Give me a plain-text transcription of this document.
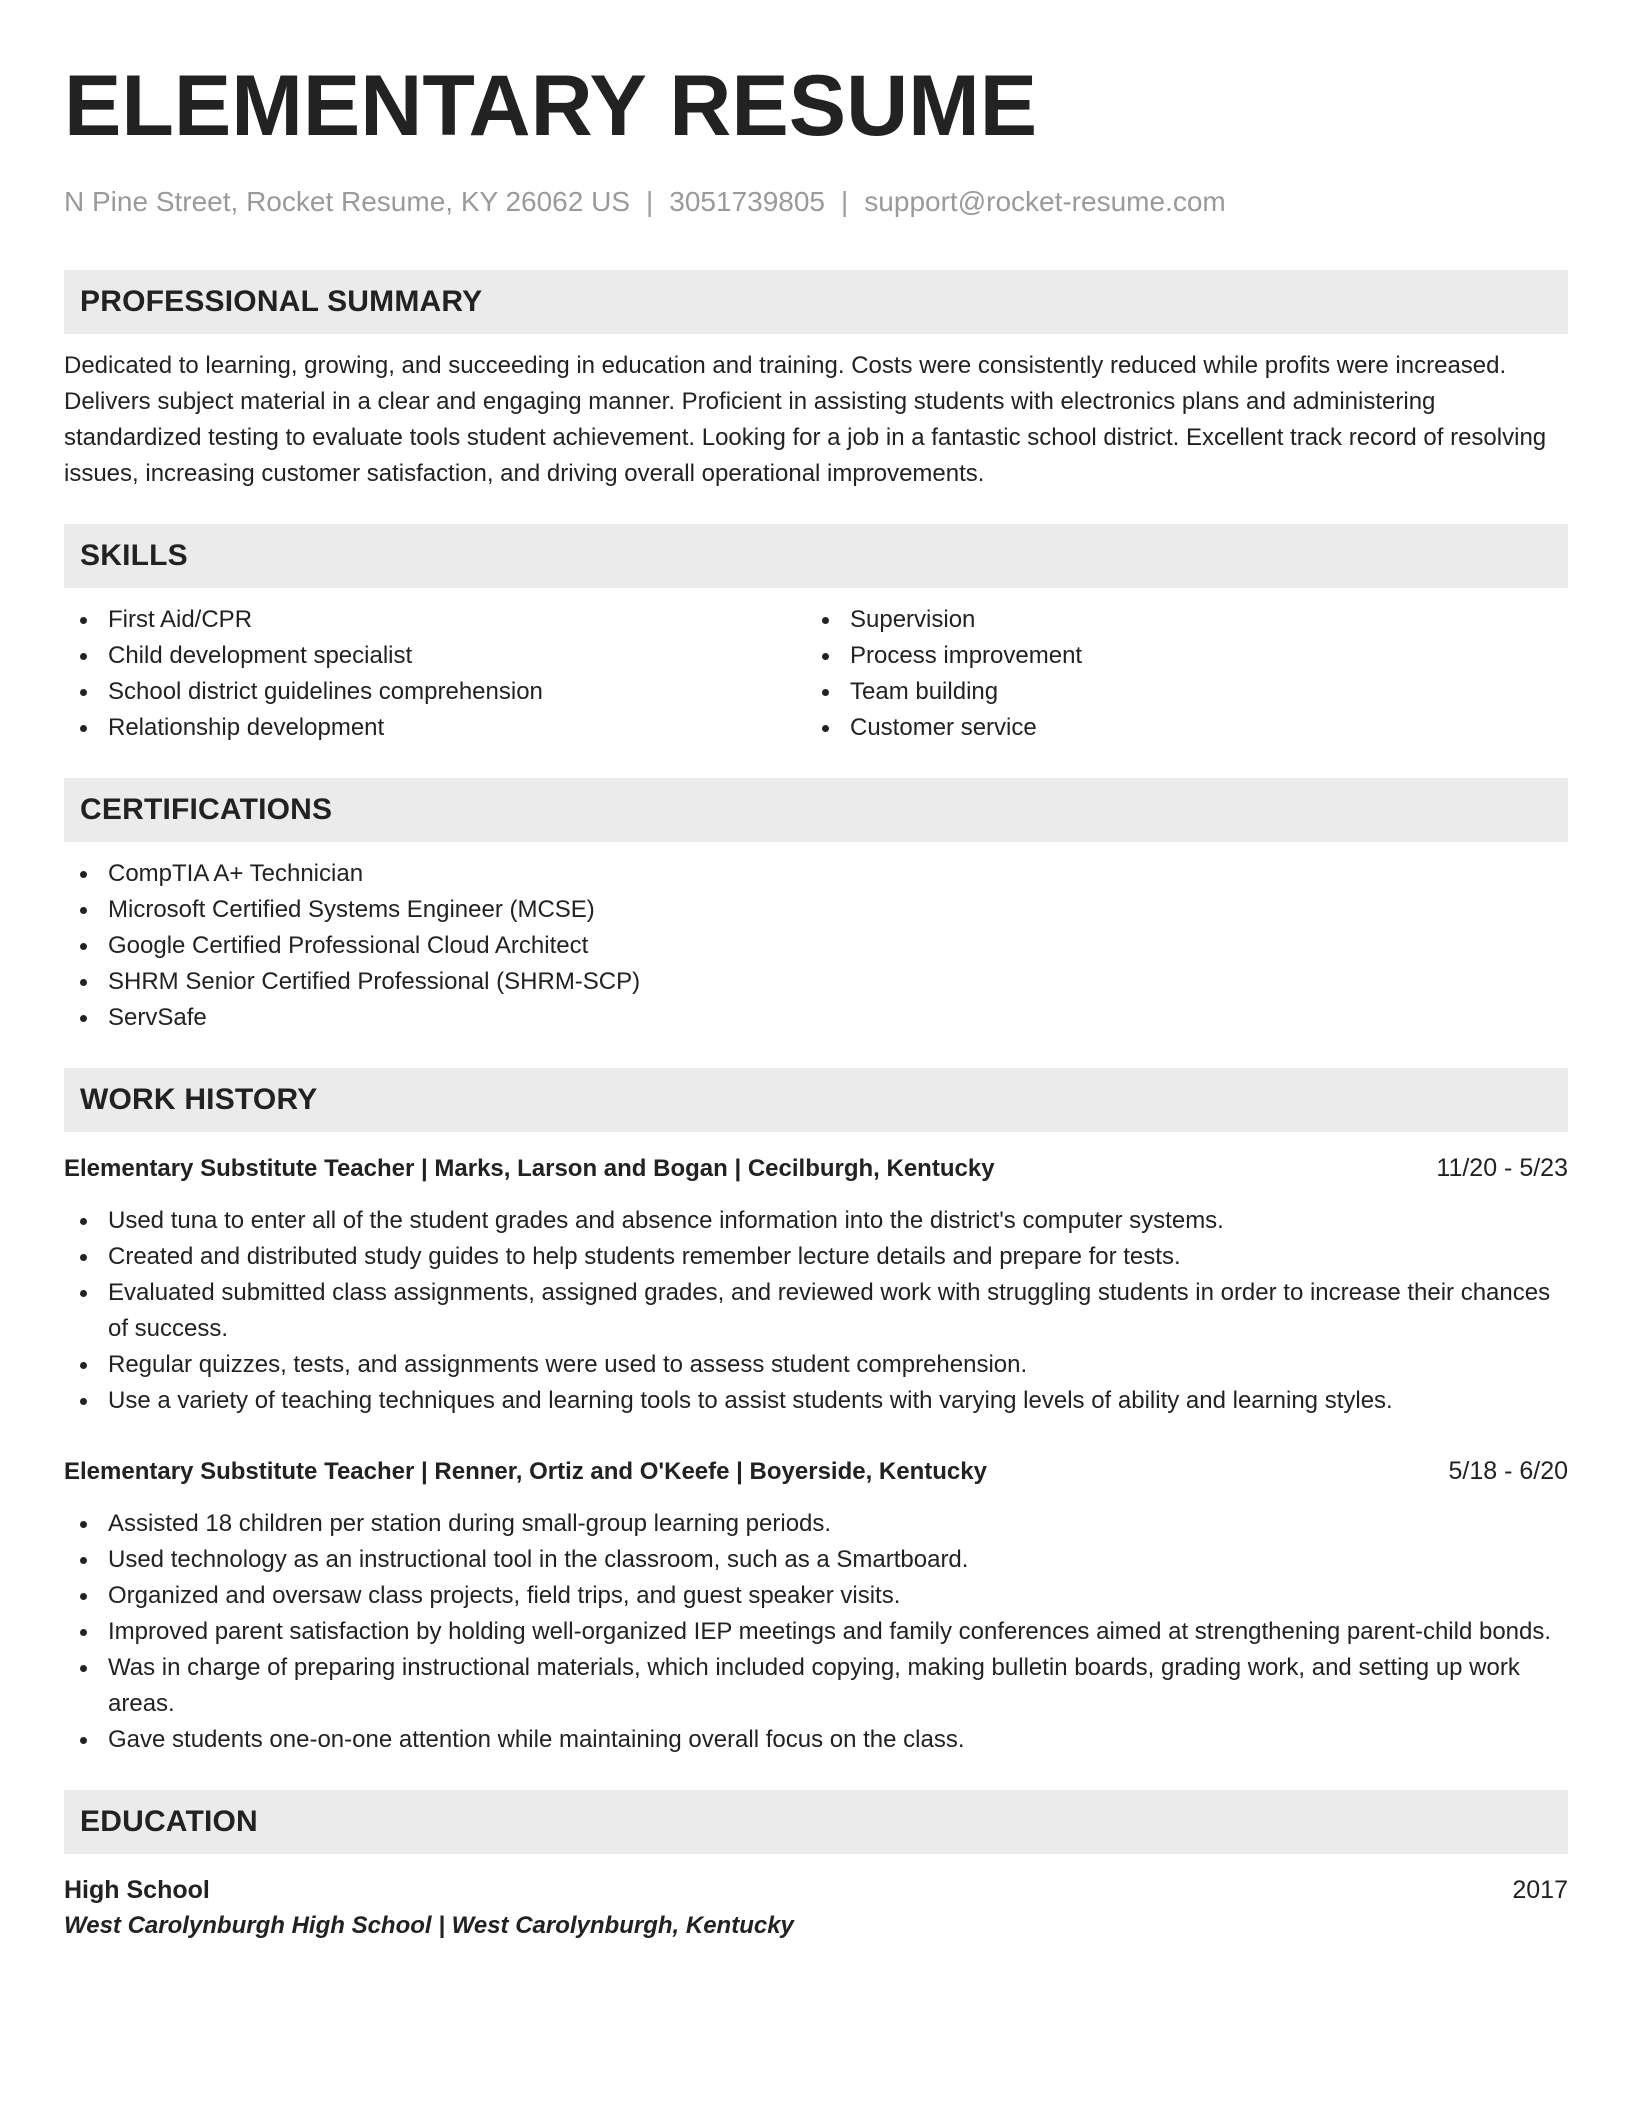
ELEMENTARY RESUME
N Pine Street, Rocket Resume, KY 26062 US | 3051739805 | support@rocket-resume.com
PROFESSIONAL SUMMARY

Dedicated to learning, growing, and succeeding in education and training. Costs were consistently reduced while profits were increased. Delivers subject material in a clear and engaging manner. Proficient in assisting students with electronics plans and administering standardized testing to evaluate tools student achievement. Looking for a job in a fantastic school district. Excellent track record of resolving issues, increasing customer satisfaction, and driving overall operational improvements.

SKILLS
First Aid/CPR
Child development specialist
School district guidelines comprehension
Relationship development
Supervision
Process improvement
Team building
Customer service
CERTIFICATIONS
CompTIA A+ Technician
Microsoft Certified Systems Engineer (MCSE)
Google Certified Professional Cloud Architect
SHRM Senior Certified Professional (SHRM-SCP)
ServSafe
WORK HISTORY
Elementary Substitute Teacher | Marks, Larson and Bogan | Cecilburgh, Kentucky	11/20 - 5/23
Used tuna to enter all of the student grades and absence information into the district's computer systems.
Created and distributed study guides to help students remember lecture details and prepare for tests.
Evaluated submitted class assignments, assigned grades, and reviewed work with struggling students in order to increase their chances of success.
Regular quizzes, tests, and assignments were used to assess student comprehension.
Use a variety of teaching techniques and learning tools to assist students with varying levels of ability and learning styles.
Elementary Substitute Teacher | Renner, Ortiz and O'Keefe | Boyerside, Kentucky	5/18 - 6/20
Assisted 18 children per station during small-group learning periods.
Used technology as an instructional tool in the classroom, such as a Smartboard.
Organized and oversaw class projects, field trips, and guest speaker visits.
Improved parent satisfaction by holding well-organized IEP meetings and family conferences aimed at strengthening parent-child bonds.
Was in charge of preparing instructional materials, which included copying, making bulletin boards, grading work, and setting up work areas.
Gave students one-on-one attention while maintaining overall focus on the class.
EDUCATION
High School	2017
West Carolynburgh High School | West Carolynburgh, Kentucky
